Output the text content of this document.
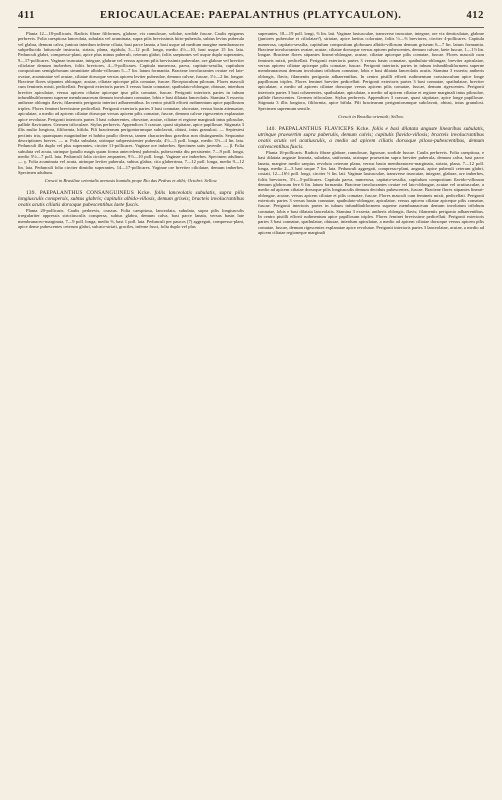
411	ERIOCAULACEAE: PAEPALANTHUS (PLATYCAULON).	412

Planta 12—18-pollicaris. Radicis fibrae filiformes, glabrae, vix ramulosae, solidae, sordide fuscae. Caulis epigaeus perbrevis. Folia caespitosa lanceolata, subulata vel acuminata, supra pilis brevissimis hirto-puberula, subtus levius puberula vel glabra, demum calva, juniora interdum inferne ciliata, basi parce lanata, a basi usque ad medium margine membranaceo subpellucido latiuscule instructa, striata, plana, rigidula, 5—12 poll. longa, medio 4½—10, basi usque 15 lin. lata. Pedunculi glabri, compresso-plani, apice plus minus puberuli, ceterum glabri, foliis saepiuntes vel usque duplo superantes, 9—17-pollicares. Vaginae truncatae, integrae, glabrae vel versus apicem pilis brevissimis puberulae, ore glabrae vel breviter ciliolatae demum inoberbes, foliis breviores, 4—9-pollicares. Capitula numerosa, parva, capitato-sessilia, capitulum compositum semiglobosum simmitiate albido-villosum 5—7 lin. latum formantia. Bracteae involucrantes ovatae vel late-ovatae, acuminatae vel acutae, ciliatae dorsoque versus apicem leviter puberulae, demum calvae, fuscae, 1½—2 lin. longae. Bracteae flores stipantes oblongae, acutae, ciliatae apiceque pilis comatae, fuscae. Receptaculum pilosum. Flores masculi cum femineis mixti, pedicellati. Perigonii exterioris partes 3 versus basin connatae, spathulato-oblongae, obtusae, interdum breviter apiculatae, versus apicem ciliatae apiceque ipso pilis comatae, fuscae. Perigonii interioris partes in tubum infundibuliformem superne membranaceum demum involutum connatae, lobis e basi dilatata lanceolatis. Stamina 3 exserta; antherae oblongis flavis; filamentis perigonio interiori adhaerentibus. In centro pistilli effoeti rudimentum apice papillosum triplex. Flores feminei brevissime pedicellati. Perigonii exterioris partes 3 basi connatae, obovatae, versus basin attenuatae, apiculatae, a medio ad apicem ciliatae dorsoque versus apicem pilis comatae, fuscae, demum calvae rigescentes explanatae apice revolutae. Perigonii interioris partes 3 basi cohaerentes, obovatae, acutae, ciliatae et regione marginali intus pilosulae, pallide flavicantes. Germen triloculare. Stylus perbrevis. Appendices 3 crassae, quasi stipitatae, apice papillosae. Stigmata 3 illis multo longiora, filiformia, bifida. Pili bractearum perigoniorumque subclavati, obtusi, intus granulosi. — Sepiestesi pectinis tria, quamquam magnitudine et habitu paullo diversa, tamen characteribus gravibus non distinguenda. Sequuntur descriptiones breves. — α. Folia subulata, utrinque subpersistenter puberula, 4½—5 poll. longa, medio 3½—4 lin. lata. Pedunculi illa duplo vel plus superantes, circiter 11-pollicares. Vaginae ore imberbes. Specimen satis juvenile. — β. Folia subulata vel acuta, utrinque (paullo magis quam forma antecedens) puberula, pubescentia diu persistente, 7—9 poll. longa, medio 5½—7 poll. lata. Pedunculi folia circiter aequantes, 9½—10 poll. longi. Vaginae ore imberbes. Specimen adultum. — γ. Folia acuminata vel acuta, utrinque leviter puberula, subtus glabra, cito glaberrima, 7—12 poll. longa, medio 9—12 lin. lata. Pedunculi folia circiter dimidio superantes, 14—17-pollicares. Vaginae ore breviter ciliolatae, demum imberbes. Specimen adultum.

Crescit in Brasiliae orientalis arenosis humidis prope Rio das Pedras et alibi; Octobri: Sellow.

139. PAEPALANTHUS CONSANGUINEUS Kcke. foliis lanceolatis subulatis, supra pilis longiusculis conspersis, subtus glabris; capitulis albido-villosis, demum griseis; bracteis involucrantibus ovatis acutis ciliatis dorsoque pubescentibus laete fuscis.

Planta 20-pollicaris. Caulis perbrevis, crassus. Folia caespitosa, lanceolata, subulata, supra pilis longiusculis irregulariter appressis strictiusculis conspersa, subtus glabra, demum calva, basi parce lanata, versus basin late membranaceo-marginata, 7—9 poll. longa, medio ⅔, basi 1 poll. lata. Pedunculi per paucos (7) aggregati, compresso-plani, apice dense pubescentes ceterum glabri, sulcato-striati, graciles, inferne fusci, folia duplo vel plus

superantes, 18—19 poll. longi, ⅔ lin. lati. Vaginae laxiusculae, transverse truncatae, integrae, ore vix denticulatae, glabrae (juniores puberulae et ciliolatae?), striatae, apice laetius coloratae, foliis ½—⅔ breviores, circiter 4-pollicares. Capitula numerosa, capitato-sessilia, capitulum compositum globosum albido-villosum demum griseum 6—7 lin. latum formantia. Bracteae involucrantes ovatae, acutae, ciliatae dorsoque versus apicem pubescentes, demum calvae, laete fuscae, 1—1½ lin. longae. Bracteae flores stipantes lineari-oblongae, acutae, ciliatae apiceque pilis comatae, fuscae. Flores masculi cum femineis mixti, pedicellati. Perigonii exterioris partes 3 versus basin connatae, spathulato-oblongae, breviter apiculatae, versus apicem ciliatae apiceque pilis comatae, fuscae. Perigonii interioris partes in tubum infundibuliformem superne membranaceum demum involutum trilobum connatae, lobis e basi dilatata lanceolatis acutis. Stamina 3 exserta; antheris oblongis, flavis; filamentis perigonio adhaerentibus. In centro pistilli effoeti rudimentum crassiusculum apice longe papillosum triplex. Flores feminei breviter pedicellati. Perigonii exterioris partes 3 basi connatae, spathulatae, breviter apiculatae, a medio ad apicem ciliatae dorsoque versus apicem pilis comatae, fuscae, demum rigescentes. Perigonii interioris partes 3 basi cohaerentes, spathulatae, apiculatae, a medio ad apicem ciliatae et regione marginali intus pilosulae, pallide flavescentes. Germen triloculare. Stylus perbrevis. Appendices 3 crassae, quasi stipitatae, apice longe papillosae. Stigmata 3 illis longiora, filiformia, apice bifida. Pili bractearum perigoniorumque subclavati, obtusi, intus granulosi. Specimen supremum sensile.

Crescit in Brasilia orientali; Sellow.

140. PAEPALANTHUS FLAVICEPS Kcke. foliis e basi dilatata anguste linearibus subulatis, utrinque praesertim supra puberulis, demum calvis; capitulis flavido-villosis; bracteis involucrantibus ovatis acutis vel acutiusculis, a medio ad apicem ciliatis dorsoque piloso-pubescentibus, demum calvescentibus fuscis.

Planta 16-pollicaris. Radicis fibrae glabrae, ramulosae, lignosae, sordide fuscae. Caulis perbrevis. Folia caespitosa, e basi dilatata anguste linearia, subulata, uniformia, utrinque praesertim supra breviter puberula, demum calva, basi parce lanata, margine medio saepius revoluta ceterum plana, versus basin membranaceo-marginata, striata, plana, 7—12 poll. longa, medio 2—3 basi usque 7 lin. lata. Pedunculi aggregati, compresso-plani, angusti, apice puberuli ceterum glabri, costati, 12—16½ poll. longi, circiter ½ lin. lati. Vaginae laxiusculae, transverse truncatae, integrae, glabrae, ore imberbes, foliis breviores, 3½—5-pollicares. Capitula parva, numerosa, capitato-sessilia, capitulum compositum flavido-villosum demum globosum fere 6 lin. latum formantia. Bracteae involucrantes ovatae vel lato-oblongae, acutae vel acutiusculae, a medio ad apicem ciliatae dorsoque pilis longiusculis demum deciduis pubescentes, fuscae. Bracteae flores stipantes lineari-oblongae, acutae, versus apicem ciliatae et pilis comatae, fuscae. Flores masculi cum femineis mixti, pedicellati. Perigonii exterioris partes 3 versus basin connatae, spathulato-oblongae, apiculatae, versus apicem ciliatae apiceque pilis comatae, fuscae. Perigonii interioris partes in tubum infundibuliformem superne membranaceum demum involutum trilobum connatae, lobis e basi dilatata lanceolatis. Stamina 3 exserta; antheris oblongis, flavis; filamentis perigonio adhaerentibus. In centro pistilli effoeti rudimentum apice papillosum triplex. Flores feminei brevissime pedicellati. Perigonii exterioris partes 3 basi connatae, spathulatae, obtusae, interdum apiculatae, a medio ad apicem ciliatae dorsoque versus apicem pilis comatae, fuscae, demum rigescentes explanatae apice revolutae. Perigonii interioris partes 3 lanceolatae, acutae, a medio ad apicem ciliatae regioneque marginali
